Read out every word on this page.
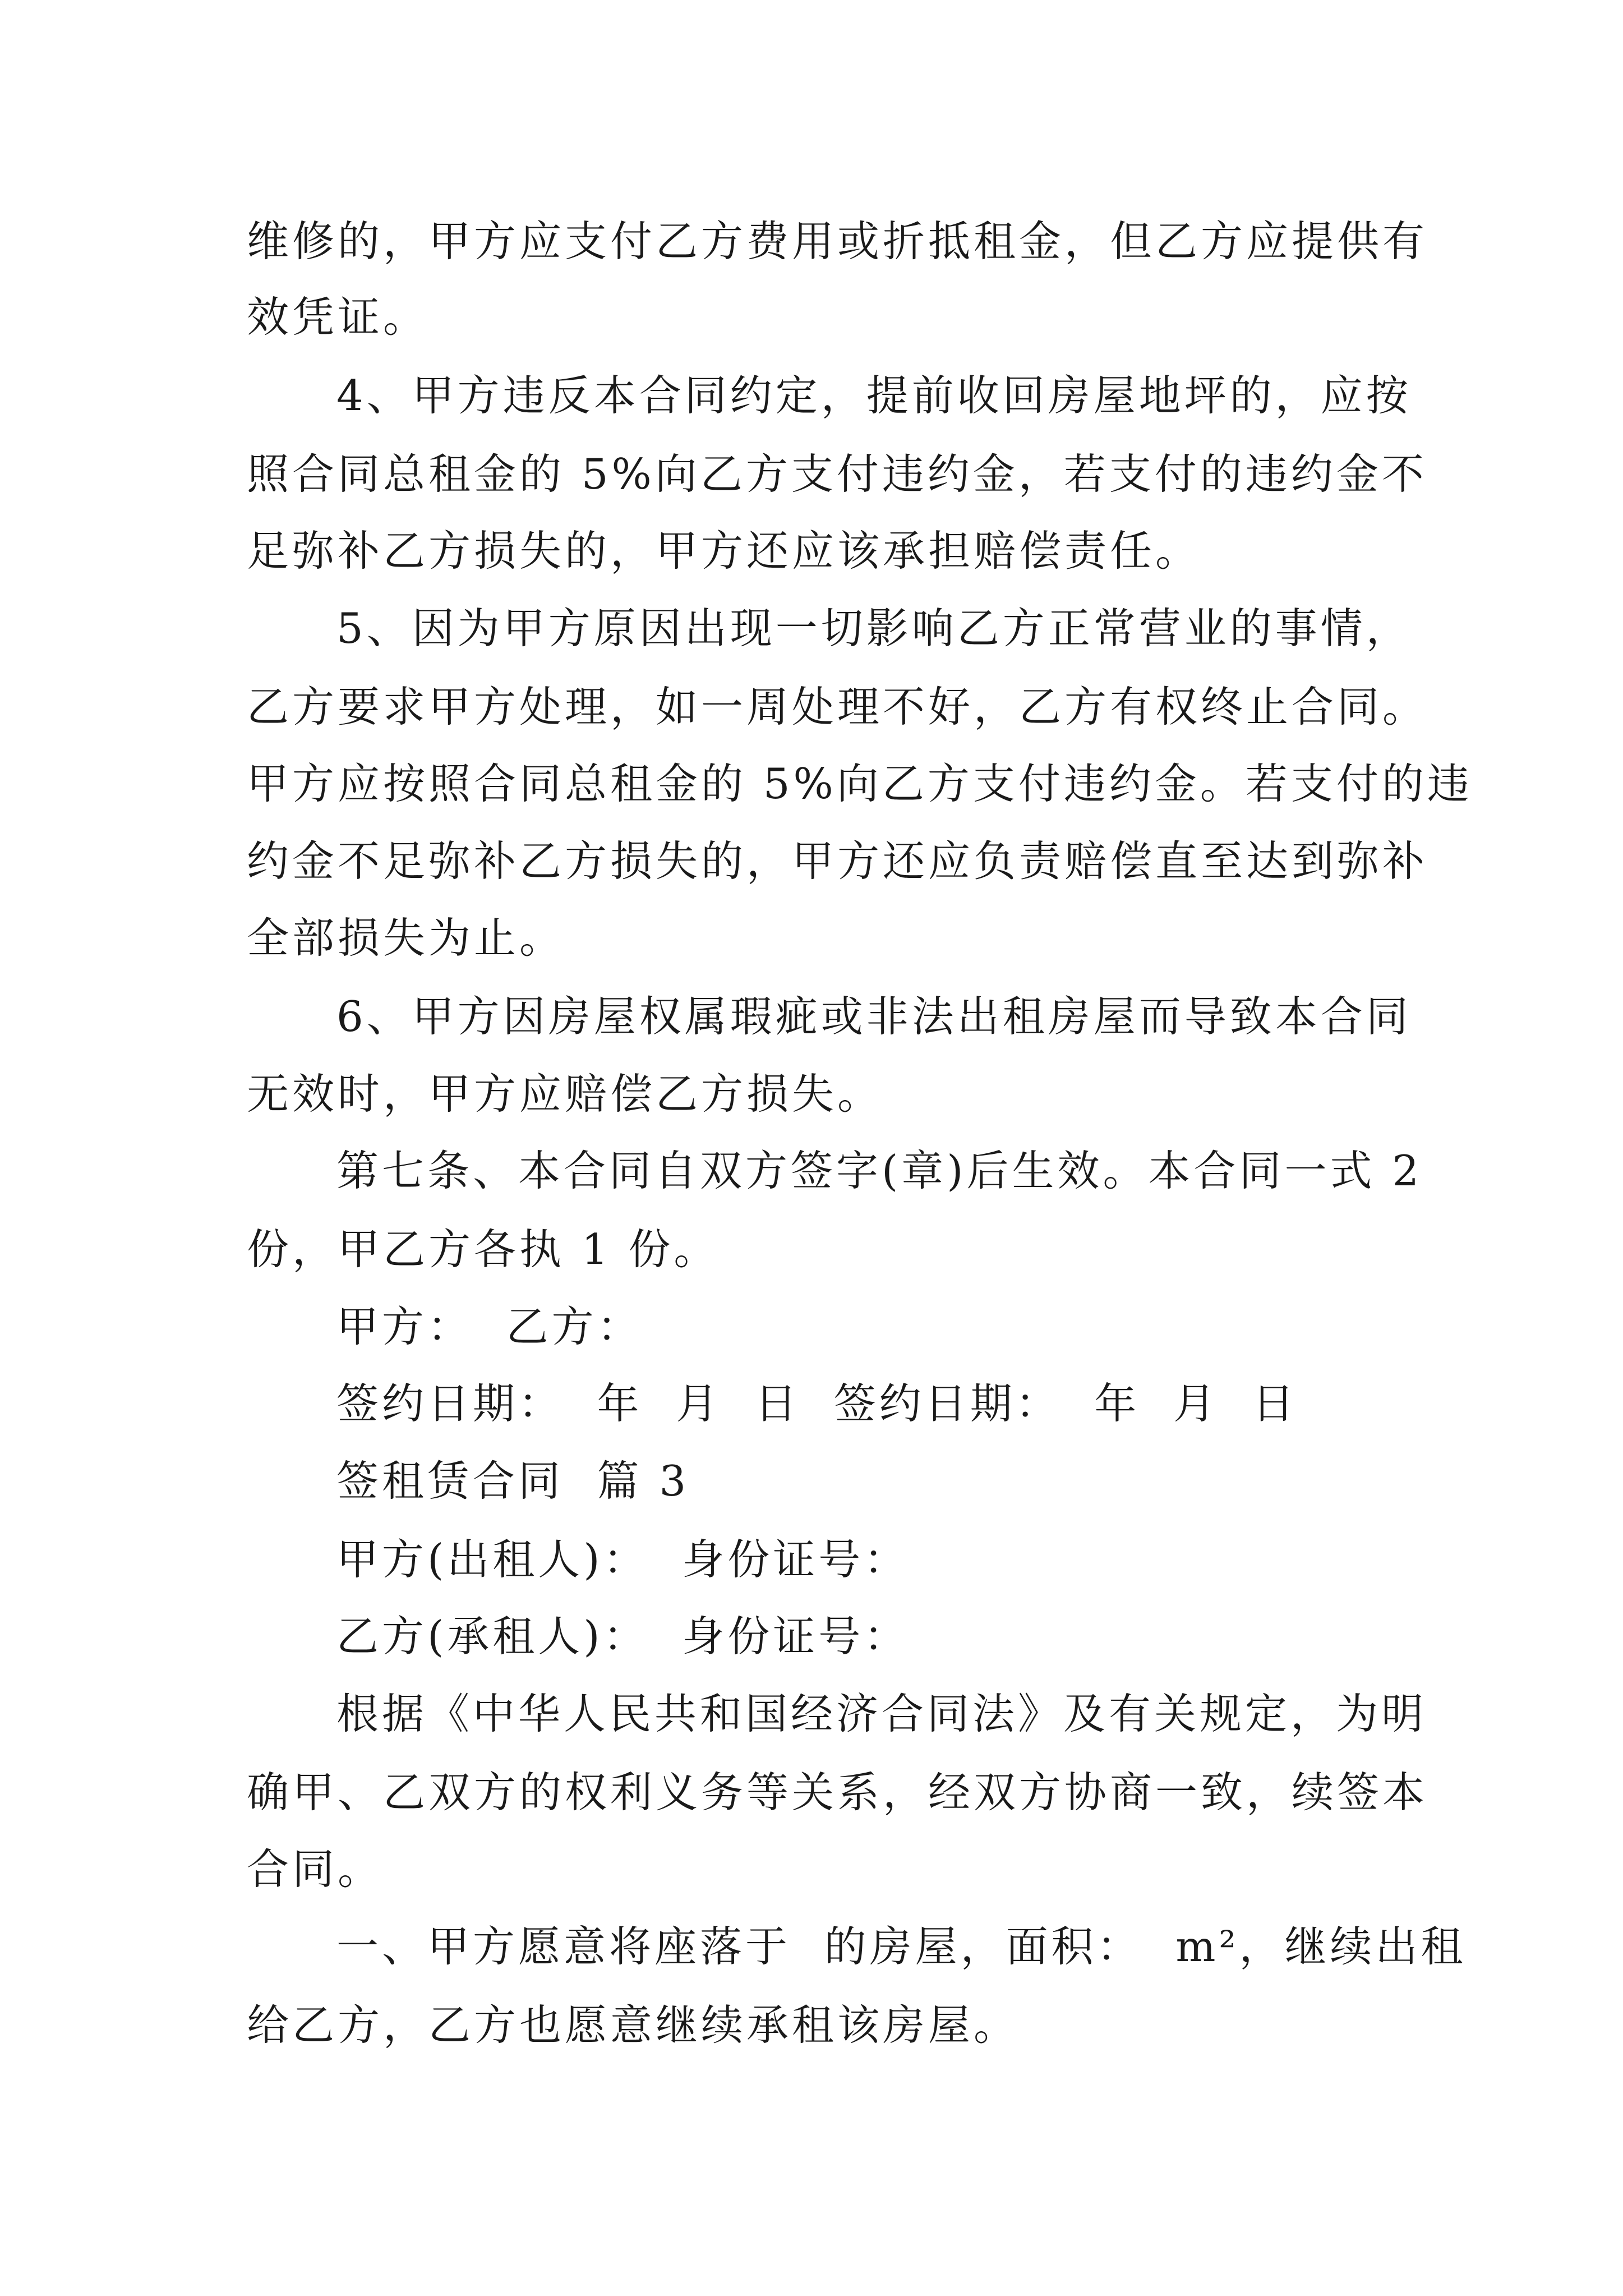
维修的，甲方应支付乙方费用或折抵租金，但乙方应提供有

效凭证。

4、甲方违反本合同约定，提前收回房屋地坪的，应按

照合同总租金的 5%向乙方支付违约金，若支付的违约金不

足弥补乙方损失的，甲方还应该承担赔偿责任。

5、因为甲方原因出现一切影响乙方正常营业的事情，

乙方要求甲方处理，如一周处理不好，乙方有权终止合同。

甲方应按照合同总租金的 5%向乙方支付违约金。若支付的违

约金不足弥补乙方损失的，甲方还应负责赔偿直至达到弥补

全部损失为止。

6、甲方因房屋权属瑕疵或非法出租房屋而导致本合同

无效时，甲方应赔偿乙方损失。

第七条、本合同自双方签字(章)后生效。本合同一式 2

份，甲乙方各执 1 份。

甲方：  乙方：

签约日期：  年  月  日  签约日期：  年  月  日

签租赁合同  篇 3

甲方(出租人)：  身份证号：

乙方(承租人)：  身份证号：

根据《中华人民共和国经济合同法》及有关规定，为明

确甲、乙双方的权利义务等关系，经双方协商一致，续签本

合同。

一、甲方愿意将座落于  的房屋，面积：  m²，继续出租

给乙方，乙方也愿意继续承租该房屋。
